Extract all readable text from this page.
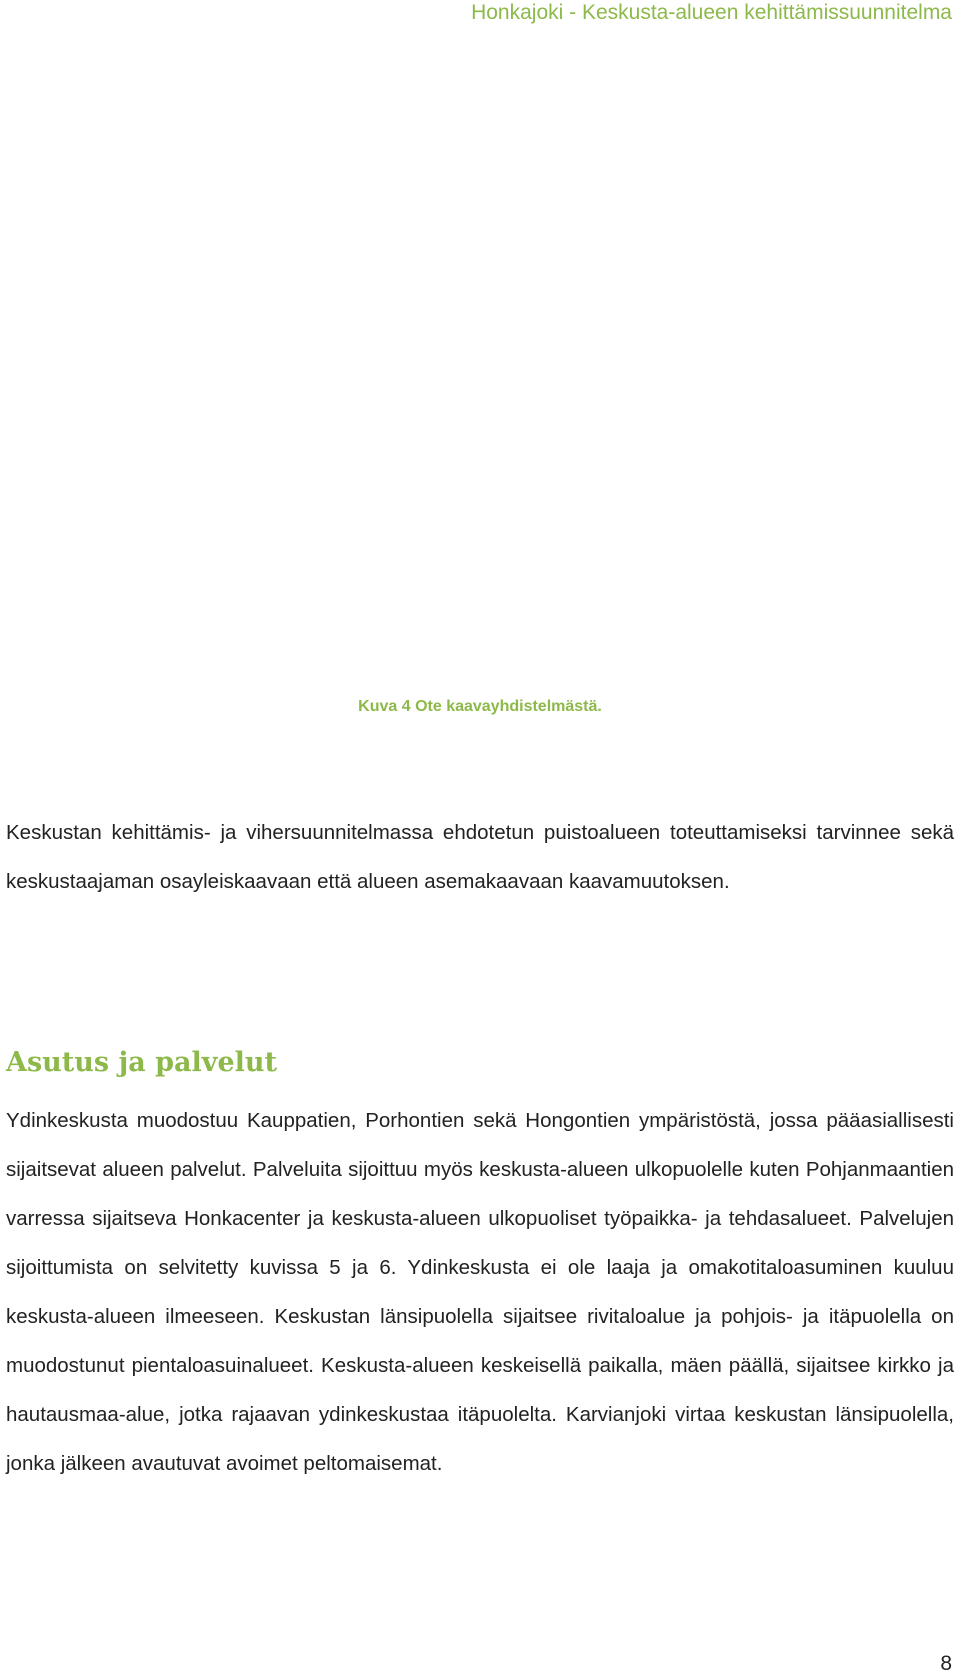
Honkajoki - Keskusta-alueen kehittämissuunnitelma
Kuva 4 Ote kaavayhdistelmästä.

Keskustan kehittämis- ja vihersuunnitelmassa ehdotetun puistoalueen toteuttamiseksi tarvinnee sekä keskustaajaman osayleiskaavaan että alueen asemakaavaan kaavamuutoksen.

Asutus ja palvelut

Ydinkeskusta muodostuu Kauppatien, Porhontien sekä Hongontien ympäristöstä, jossa pääasiallisesti sijaitsevat alueen palvelut. Palveluita sijoittuu myös keskusta-alueen ulkopuolelle kuten Pohjanmaantien varressa sijaitseva Honkacenter ja keskusta-alueen ulkopuoliset työpaikka- ja tehdasalueet. Palvelujen sijoittumista on selvitetty kuvissa 5 ja 6. Ydinkeskusta ei ole laaja ja omakotitaloasuminen kuuluu keskusta-alueen ilmeeseen. Keskustan länsipuolella sijaitsee rivitaloalue ja pohjois- ja itäpuolella on muodostunut pientaloasuinalueet. Keskusta-alueen keskeisellä paikalla, mäen päällä, sijaitsee kirkko ja hautausmaa-alue, jotka rajaavan ydinkeskustaa itäpuolelta. Karvianjoki virtaa keskustan länsipuolella, jonka jälkeen avautuvat avoimet peltomaisemat.

8
